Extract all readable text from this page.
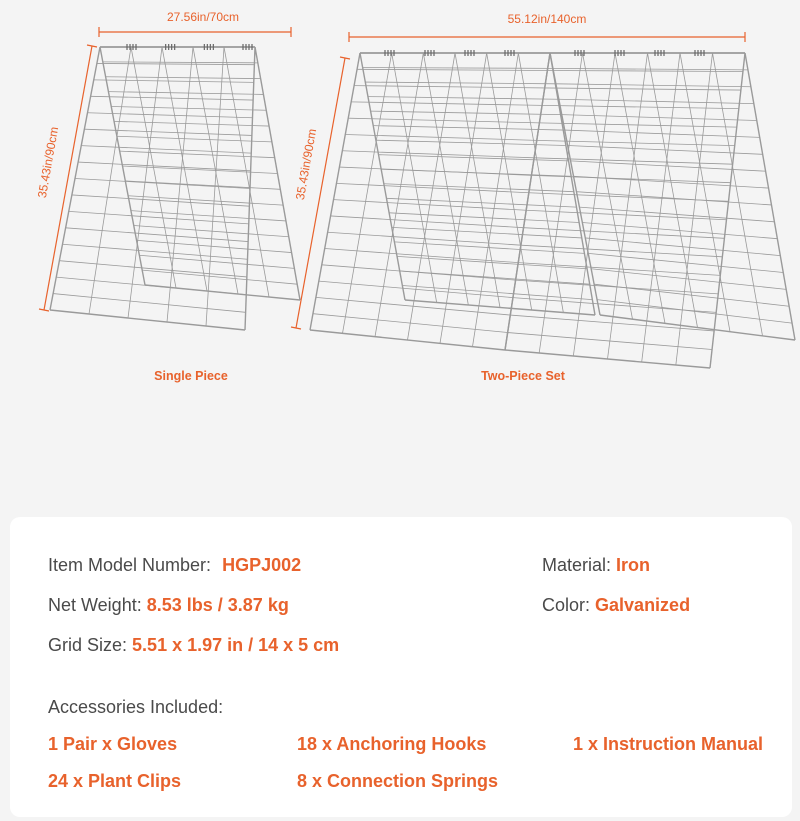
27.56in/70cm
35.43in/90cm
55.12in/140cm
35.43in/90cm
Single Piece	Two-Piece Set
Item Model Number: HGPJ002
Net Weight: 8.53 lbs / 3.87 kg
Grid Size: 5.51 x 1.97 in / 14 x 5 cm
Material: Iron
Color: Galvanized
Accessories Included:
1 Pair x Gloves	18 x Anchoring Hooks	1 x Instruction Manual
24 x Plant Clips	8 x Connection Springs
